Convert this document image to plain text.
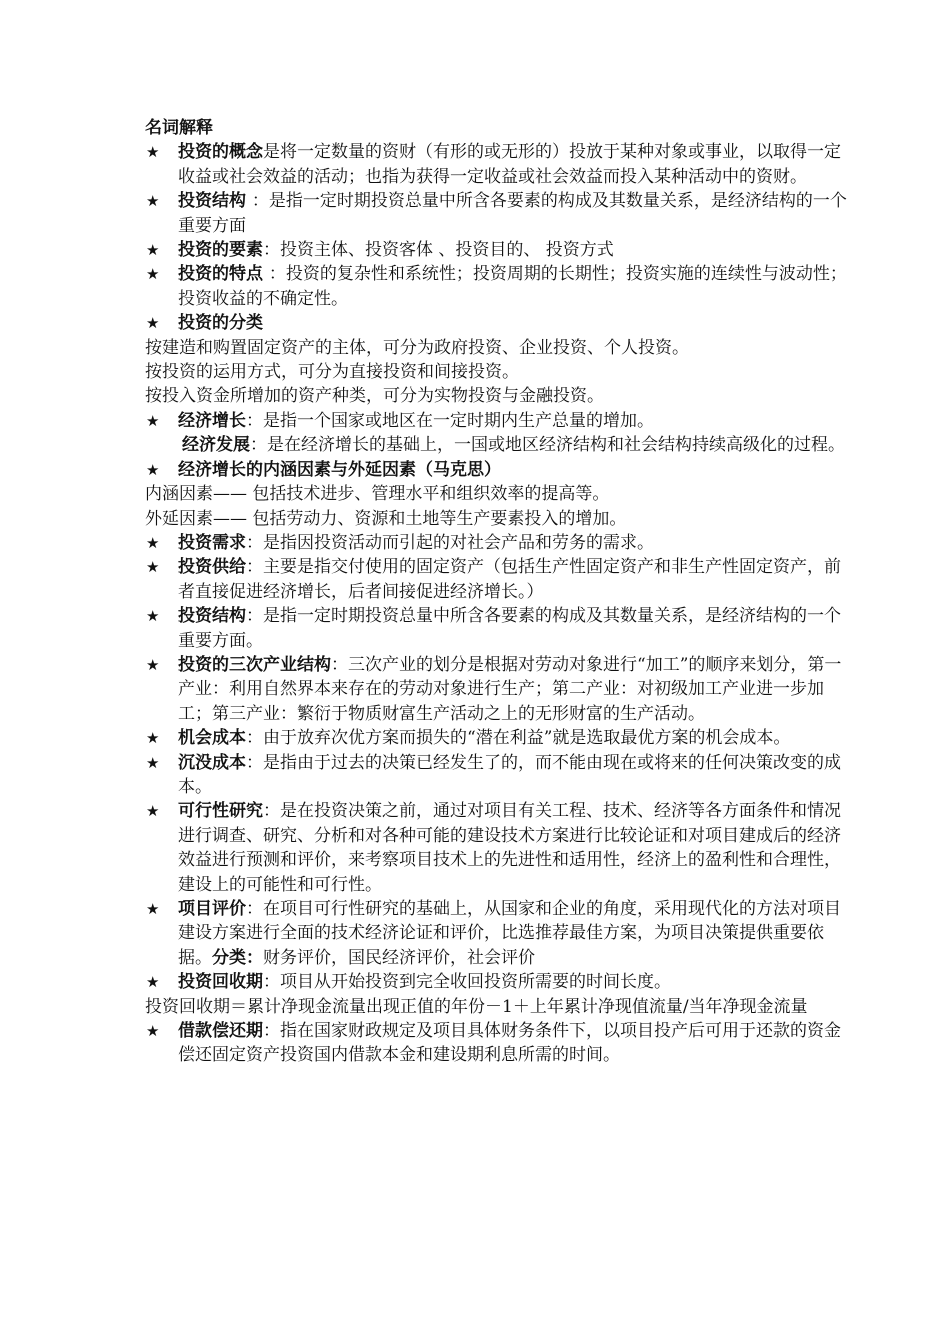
名词解释

★ 投资的概念是将一定数量的资财（有形的或无形的）投放于某种对象或事业，以取得一定收益或社会效益的活动；也指为获得一定收益或社会效益而投入某种活动中的资财。

★ 投资结构 ：是指一定时期投资总量中所含各要素的构成及其数量关系，是经济结构的一个重要方面

★ 投资的要素：投资主体、投资客体 、投资目的、 投资方式

★ 投资的特点 ：投资的复杂性和系统性；投资周期的长期性；投资实施的连续性与波动性；投资收益的不确定性。

★ 投资的分类

按建造和购置固定资产的主体，可分为政府投资、企业投资、个人投资。

按投资的运用方式，可分为直接投资和间接投资。

按投入资金所增加的资产种类，可分为实物投资与金融投资。

★ 经济增长：是指一个国家或地区在一定时期内生产总量的增加。

经济发展：是在经济增长的基础上，一国或地区经济结构和社会结构持续高级化的过程。

★ 经济增长的内涵因素与外延因素（马克思）

内涵因素—— 包括技术进步、管理水平和组织效率的提高等。

外延因素—— 包括劳动力、资源和土地等生产要素投入的增加。

★ 投资需求：是指因投资活动而引起的对社会产品和劳务的需求。

★ 投资供给：主要是指交付使用的固定资产（包括生产性固定资产和非生产性固定资产，前者直接促进经济增长，后者间接促进经济增长。）

★ 投资结构：是指一定时期投资总量中所含各要素的构成及其数量关系，是经济结构的一个重要方面。

★ 投资的三次产业结构：三次产业的划分是根据对劳动对象进行“加工”的顺序来划分，第一产业：利用自然界本来存在的劳动对象进行生产；第二产业：对初级加工产业进一步加工；第三产业：繁衍于物质财富生产活动之上的无形财富的生产活动。

★ 机会成本：由于放弃次优方案而损失的“潜在利益”就是选取最优方案的机会成本。

★ 沉没成本：是指由于过去的决策已经发生了的，而不能由现在或将来的任何决策改变的成本。

★ 可行性研究：是在投资决策之前，通过对项目有关工程、技术、经济等各方面条件和情况进行调查、研究、分析和对各种可能的建设技术方案进行比较论证和对项目建成后的经济效益进行预测和评价，来考察项目技术上的先进性和适用性，经济上的盈利性和合理性，建设上的可能性和可行性。

★ 项目评价：在项目可行性研究的基础上，从国家和企业的角度，采用现代化的方法对项目建设方案进行全面的技术经济论证和评价，比选推荐最佳方案，为项目决策提供重要依据。分类：财务评价，国民经济评价，社会评价

★ 投资回收期：项目从开始投资到完全收回投资所需要的时间长度。

投资回收期＝累计净现金流量出现正值的年份－1＋上年累计净现值流量/当年净现金流量

★ 借款偿还期：指在国家财政规定及项目具体财务条件下，以项目投产后可用于还款的资金偿还固定资产投资国内借款本金和建设期利息所需的时间。
